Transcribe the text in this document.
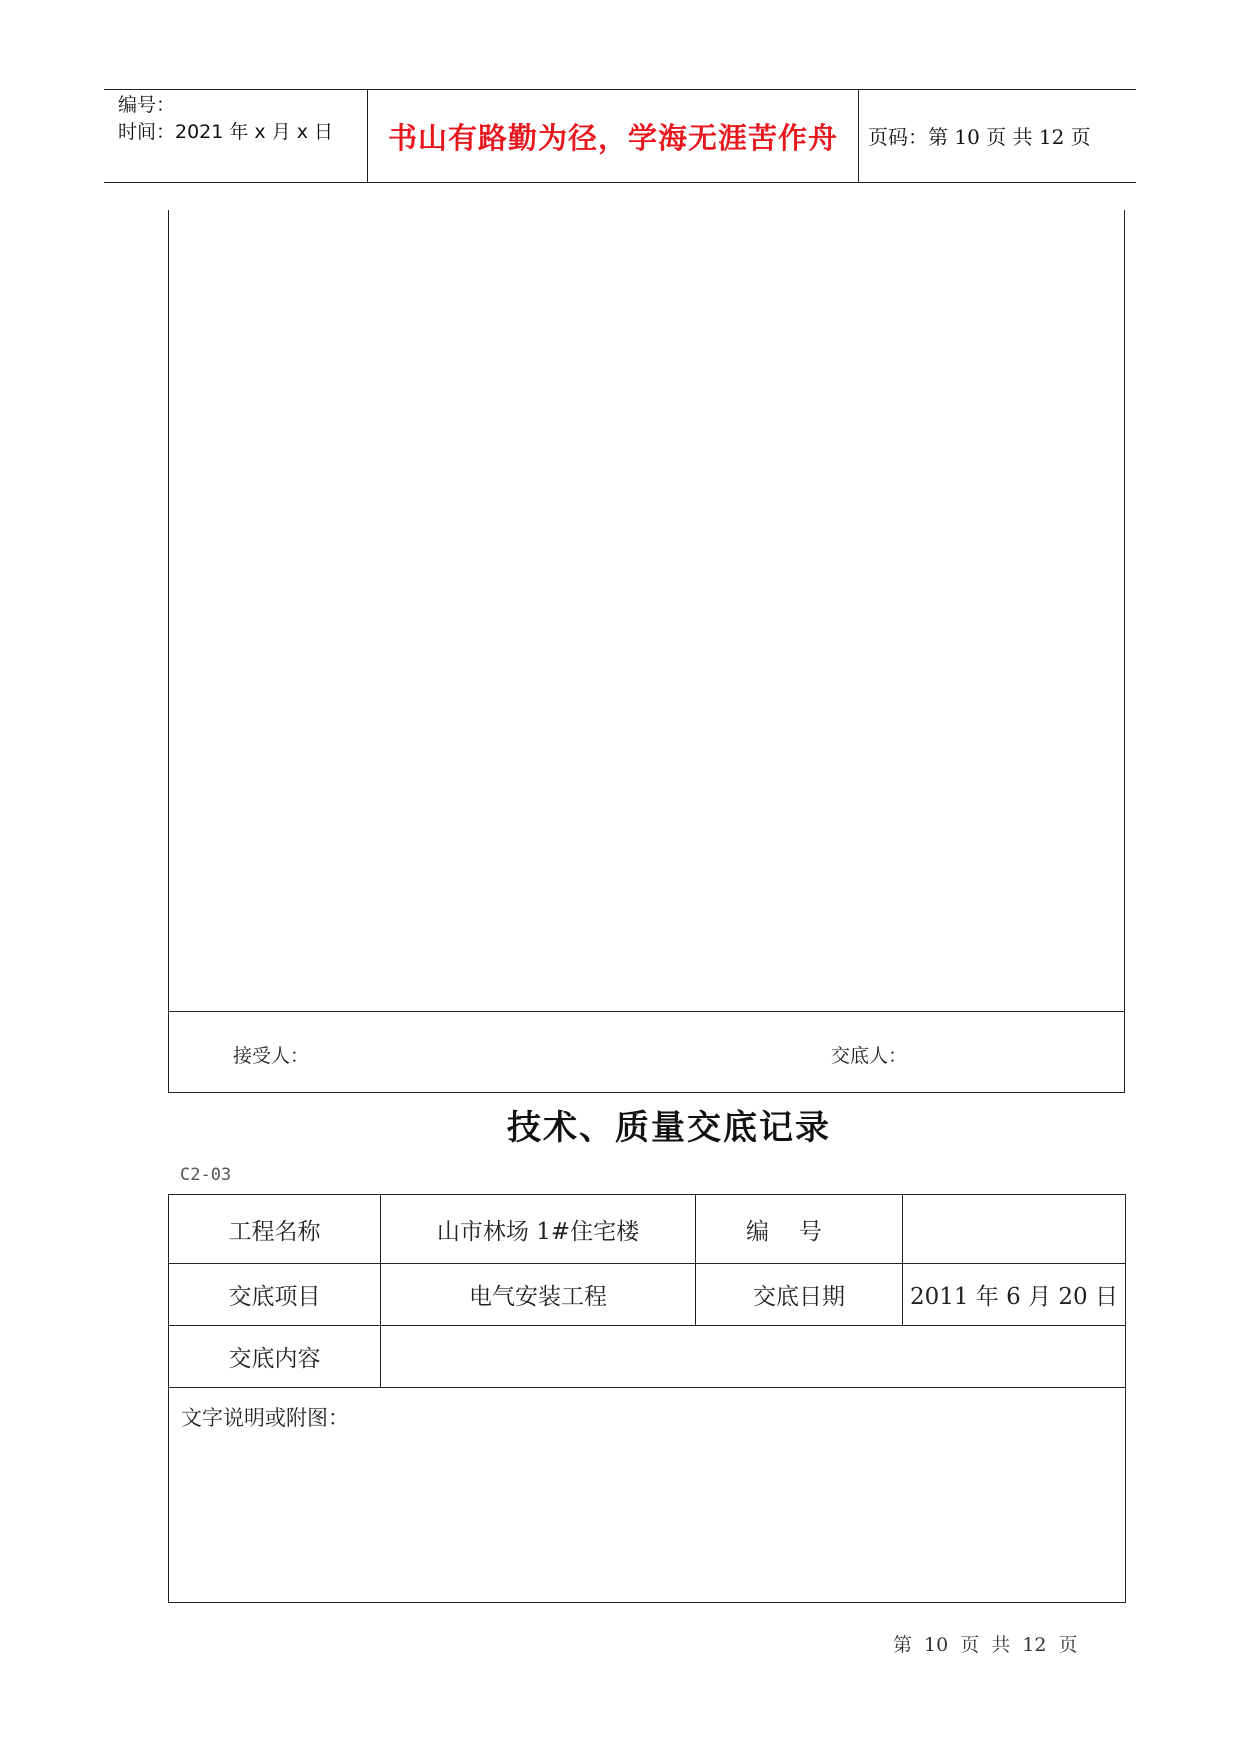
编号：
时间：2021 年 x 月 x 日	书山有路勤为径，学海无涯苦作舟	页码：第 10 页 共 12 页
接受人：	交底人：
技术、质量交底记录
C2-03
工程名称	山市林场 1#住宅楼	编号	
交底项目	电气安装工程	交底日期	2011 年 6 月 20 日
交底内容			
文字说明或附图：			
第 10 页 共 12 页
